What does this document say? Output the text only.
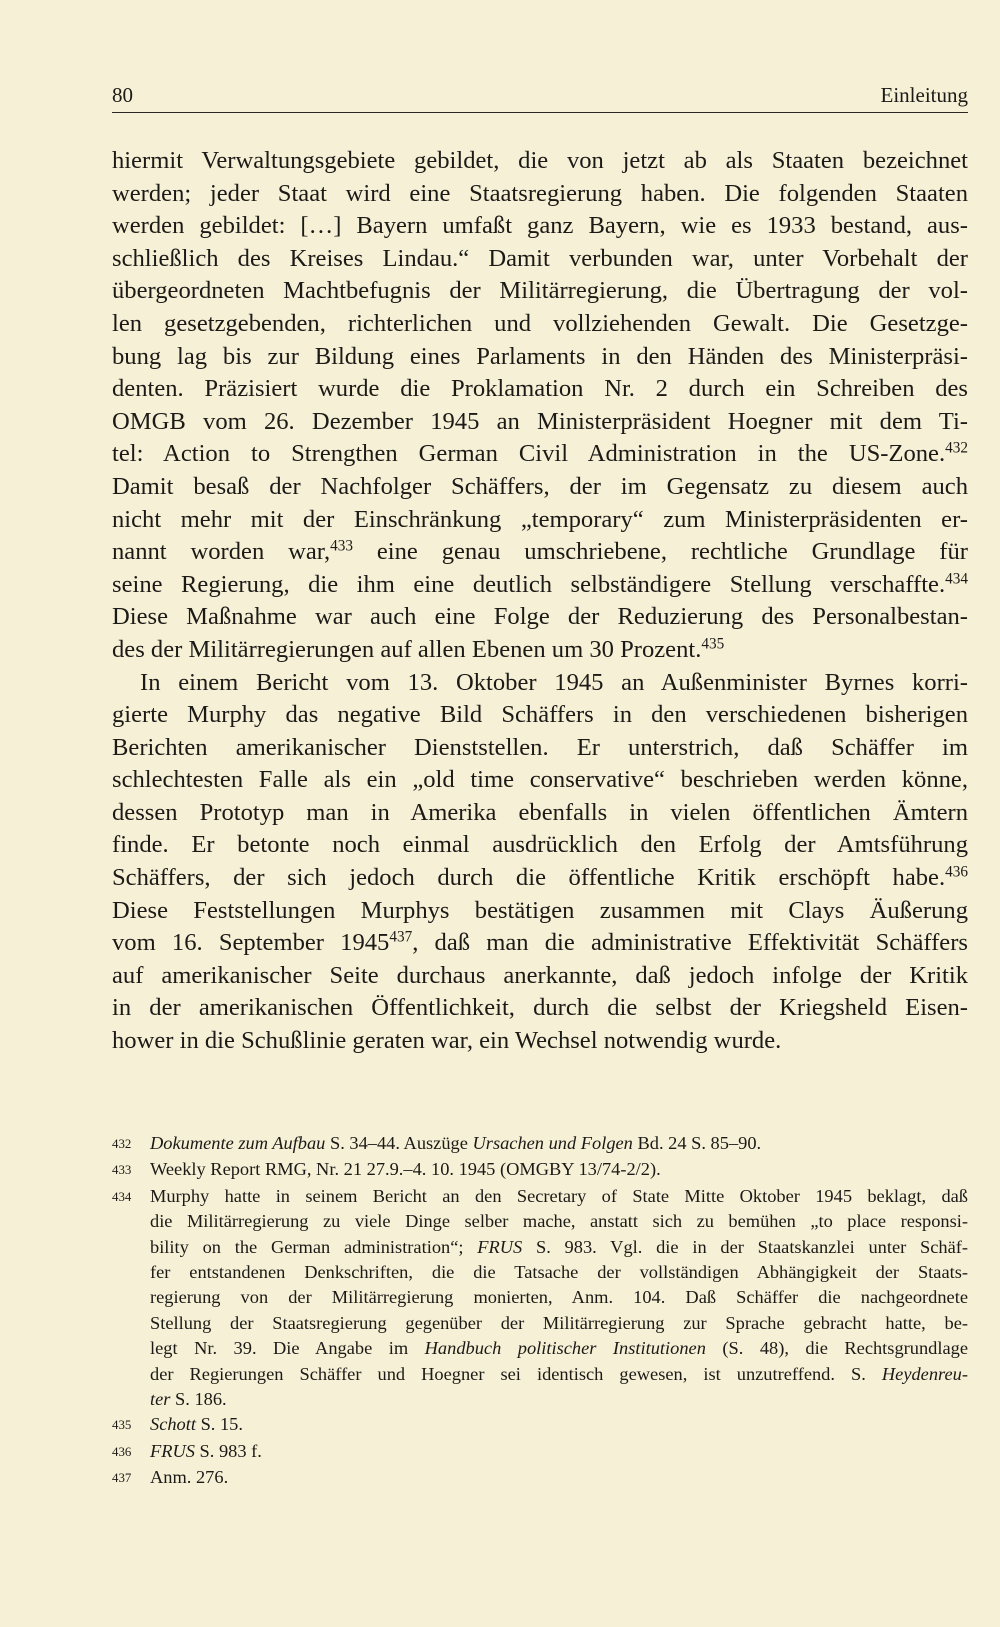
80	Einleitung

hiermit Verwaltungsgebiete gebildet, die von jetzt ab als Staaten bezeichnet
werden; jeder Staat wird eine Staatsregierung haben. Die folgenden Staaten
werden gebildet: […] Bayern umfaßt ganz Bayern, wie es 1933 bestand, aus-
schließlich des Kreises Lindau.“ Damit verbunden war, unter Vorbehalt der
übergeordneten Machtbefugnis der Militärregierung, die Übertragung der vol-
len gesetzgebenden, richterlichen und vollziehenden Gewalt. Die Gesetzge-
bung lag bis zur Bildung eines Parlaments in den Händen des Ministerpräsi-
denten. Präzisiert wurde die Proklamation Nr. 2 durch ein Schreiben des
OMGB vom 26. Dezember 1945 an Ministerpräsident Hoegner mit dem Ti-
tel: Action to Strengthen German Civil Administration in the US-Zone.$^{432}$
Damit besaß der Nachfolger Schäffers, der im Gegensatz zu diesem auch
nicht mehr mit der Einschränkung „temporary“ zum Ministerpräsidenten er-
nannt worden war,$^{433}$ eine genau umschriebene, rechtliche Grundlage für
seine Regierung, die ihm eine deutlich selbständigere Stellung verschaffte.$^{434}$
Diese Maßnahme war auch eine Folge der Reduzierung des Personalbestan-
des der Militärregierungen auf allen Ebenen um 30 Prozent.$^{435}$

In einem Bericht vom 13. Oktober 1945 an Außenminister Byrnes korri-
gierte Murphy das negative Bild Schäffers in den verschiedenen bisherigen
Berichten amerikanischer Dienststellen. Er unterstrich, daß Schäffer im
schlechtesten Falle als ein „old time conservative“ beschrieben werden könne,
dessen Prototyp man in Amerika ebenfalls in vielen öffentlichen Ämtern
finde. Er betonte noch einmal ausdrücklich den Erfolg der Amtsführung
Schäffers, der sich jedoch durch die öffentliche Kritik erschöpft habe.$^{436}$
Diese Feststellungen Murphys bestätigen zusammen mit Clays Äußerung
vom 16. September 1945$^{437}$, daß man die administrative Effektivität Schäffers
auf amerikanischer Seite durchaus anerkannte, daß jedoch infolge der Kritik
in der amerikanischen Öffentlichkeit, durch die selbst der Kriegsheld Eisen-
hower in die Schußlinie geraten war, ein Wechsel notwendig wurde.

432	Dokumente zum Aufbau S. 34–44. Auszüge Ursachen und Folgen Bd. 24 S. 85–90.
433	Weekly Report RMG, Nr. 21 27.9.–4. 10. 1945 (OMGBY 13/74-2/2).
434	Murphy hatte in seinem Bericht an den Secretary of State Mitte Oktober 1945 beklagt, daß
die Militärregierung zu viele Dinge selber mache, anstatt sich zu bemühen „to place responsi-
bility on the German administration“; FRUS S. 983. Vgl. die in der Staatskanzlei unter Schäf-
fer entstandenen Denkschriften, die die Tatsache der vollständigen Abhängigkeit der Staats-
regierung von der Militärregierung monierten, Anm. 104. Daß Schäffer die nachgeordnete
Stellung der Staatsregierung gegenüber der Militärregierung zur Sprache gebracht hatte, be-
legt Nr. 39. Die Angabe im Handbuch politischer Institutionen (S. 48), die Rechtsgrundlage
der Regierungen Schäffer und Hoegner sei identisch gewesen, ist unzutreffend. S. Heydenreu-
ter S. 186.
435	Schott S. 15.
436	FRUS S. 983 f.
437	Anm. 276.
